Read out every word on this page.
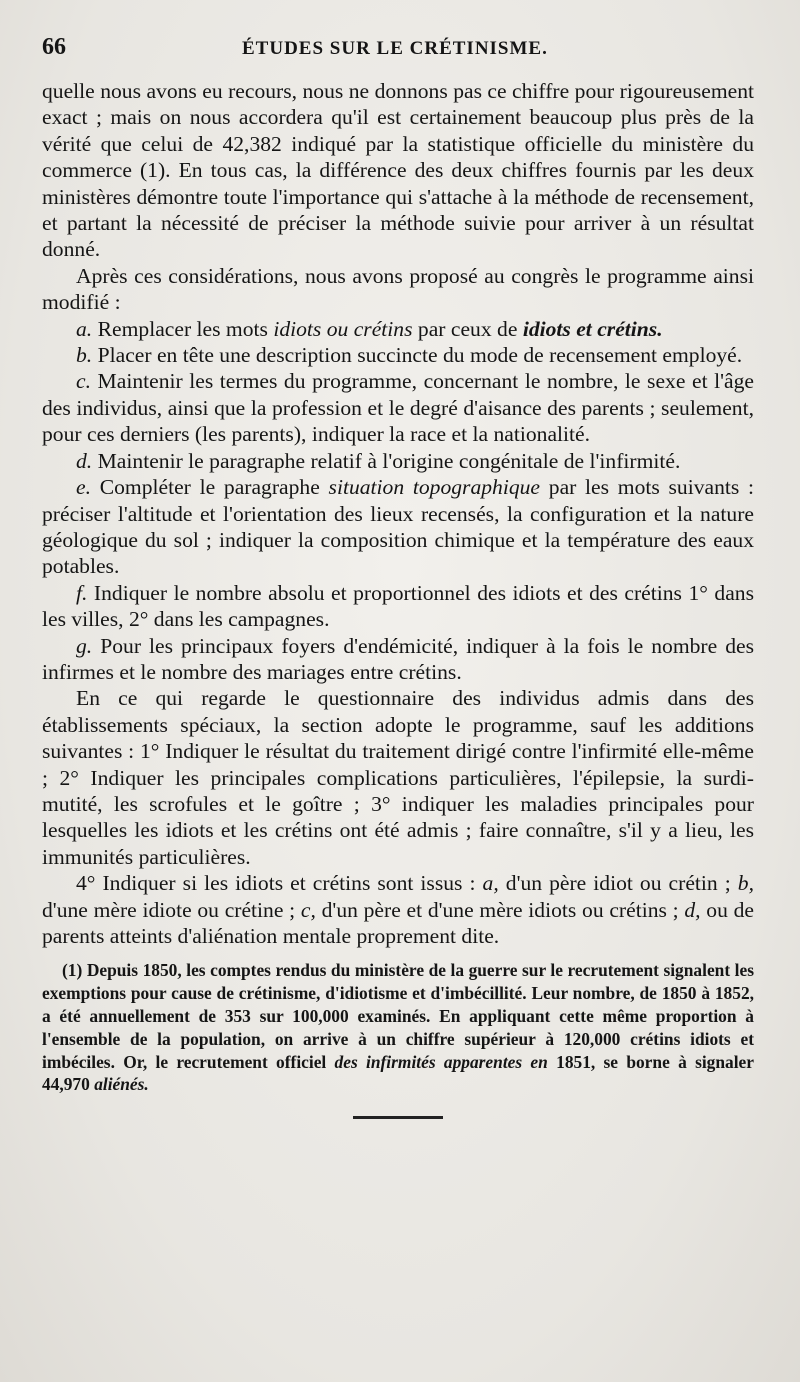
66	ÉTUDES SUR LE CRÉTINISME.

quelle nous avons eu recours, nous ne donnons pas ce chiffre pour rigoureusement exact ; mais on nous accordera qu'il est certainement beaucoup plus près de la vérité que celui de 42,382 indiqué par la statistique officielle du ministère du commerce (1). En tous cas, la différence des deux chiffres fournis par les deux ministères démontre toute l'importance qui s'attache à la méthode de recensement, et partant la nécessité de préciser la méthode suivie pour arriver à un résultat donné.

Après ces considérations, nous avons proposé au congrès le programme ainsi modifié :

a. Remplacer les mots idiots ou crétins par ceux de idiots et crétins.

b. Placer en tête une description succincte du mode de recensement employé.

c. Maintenir les termes du programme, concernant le nombre, le sexe et l'âge des individus, ainsi que la profession et le degré d'aisance des parents ; seulement, pour ces derniers (les parents), indiquer la race et la nationalité.

d. Maintenir le paragraphe relatif à l'origine congénitale de l'infirmité.

e. Compléter le paragraphe situation topographique par les mots suivants : préciser l'altitude et l'orientation des lieux recensés, la configuration et la nature géologique du sol ; indiquer la composition chimique et la température des eaux potables.

f. Indiquer le nombre absolu et proportionnel des idiots et des crétins 1° dans les villes, 2° dans les campagnes.

g. Pour les principaux foyers d'endémicité, indiquer à la fois le nombre des infirmes et le nombre des mariages entre crétins.

En ce qui regarde le questionnaire des individus admis dans des établissements spéciaux, la section adopte le programme, sauf les additions suivantes : 1° Indiquer le résultat du traitement dirigé contre l'infirmité elle-même ; 2° Indiquer les principales complications particulières, l'épilepsie, la surdi-mutité, les scrofules et le goître ; 3° indiquer les maladies principales pour lesquelles les idiots et les crétins ont été admis ; faire connaître, s'il y a lieu, les immunités particulières.

4° Indiquer si les idiots et crétins sont issus : a, d'un père idiot ou crétin ; b, d'une mère idiote ou crétine ; c, d'un père et d'une mère idiots ou crétins ; d, ou de parents atteints d'aliénation mentale proprement dite.

(1) Depuis 1850, les comptes rendus du ministère de la guerre sur le recrutement signalent les exemptions pour cause de crétinisme, d'idiotisme et d'imbécillité. Leur nombre, de 1850 à 1852, a été annuellement de 353 sur 100,000 examinés. En appliquant cette même proportion à l'ensemble de la population, on arrive à un chiffre supérieur à 120,000 crétins idiots et imbéciles. Or, le recrutement officiel des infirmités apparentes en 1851, se borne à signaler 44,970 aliénés.
